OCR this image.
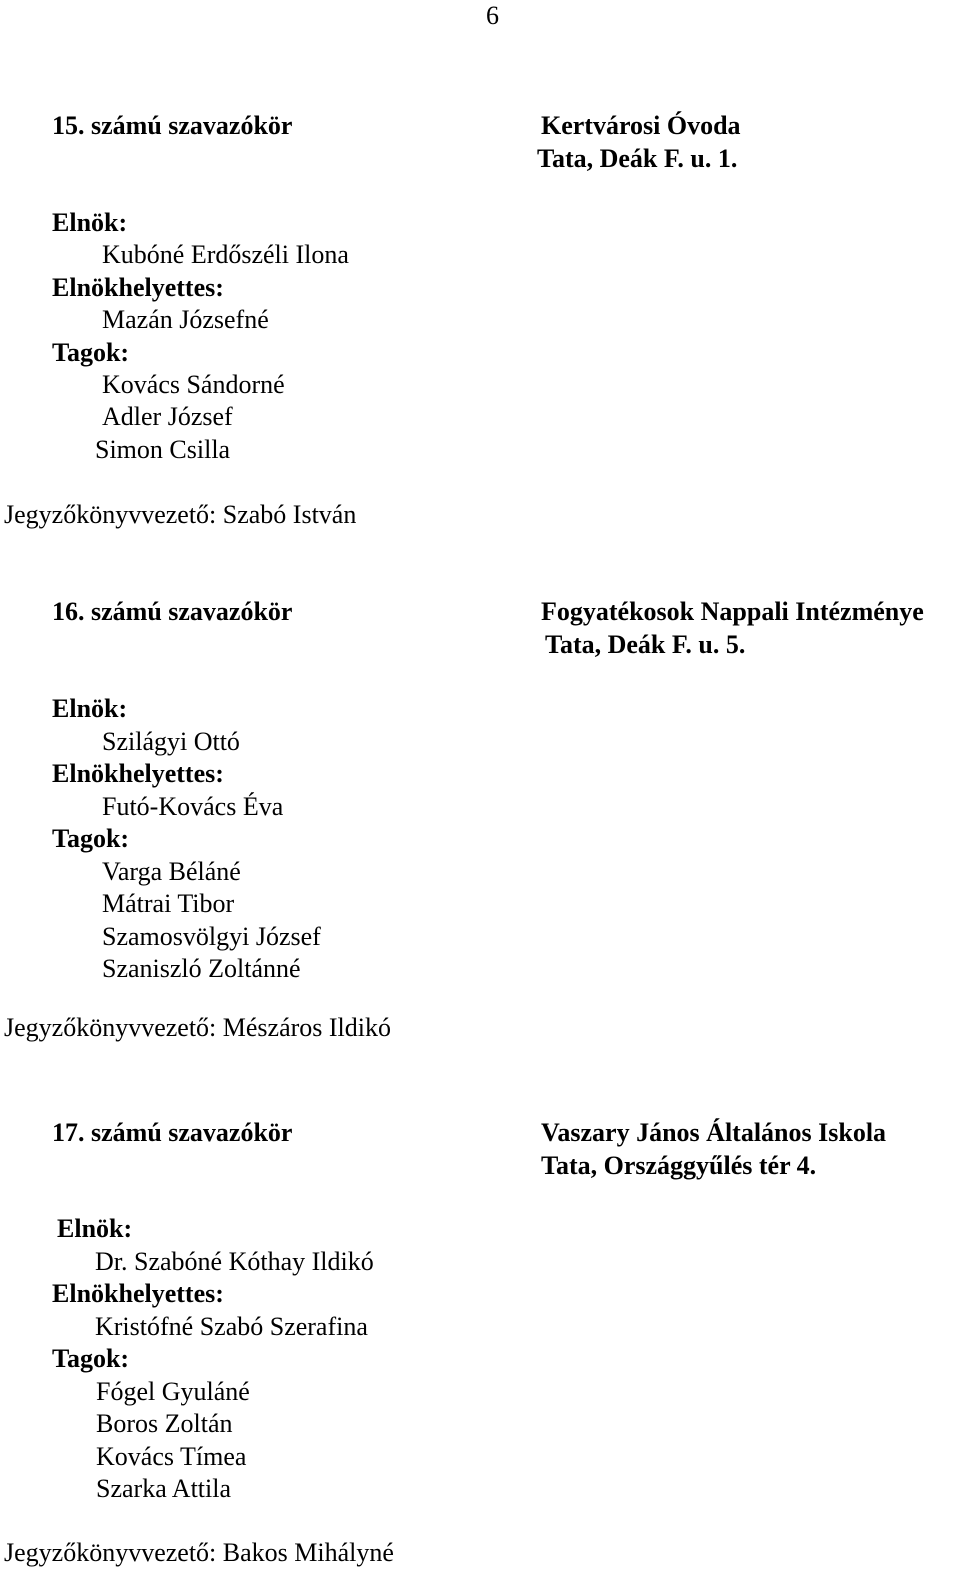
6
15. számú szavazókör	Kertvárosi Óvoda
Tata, Deák F. u. 1.
Elnök:
Kubóné Erdőszéli Ilona
Elnökhelyettes:
Mazán Józsefné
Tagok:
Kovács Sándorné
Adler József
Simon Csilla
Jegyzőkönyvvezető: Szabó István
16. számú szavazókör	Fogyatékosok Nappali Intézménye
Tata, Deák F. u. 5.
Elnök:
Szilágyi Ottó
Elnökhelyettes:
Futó-Kovács Éva
Tagok:
Varga Béláné
Mátrai Tibor
Szamosvölgyi József
Szaniszló Zoltánné
Jegyzőkönyvvezető: Mészáros Ildikó
17. számú szavazókör	Vaszary János Általános Iskola
Tata, Országgyűlés tér 4.
Elnök:
Dr. Szabóné Kóthay Ildikó
Elnökhelyettes:
Kristófné Szabó Szerafina
Tagok:
Fógel Gyuláné
Boros Zoltán
Kovács Tímea
Szarka Attila
Jegyzőkönyvvezető: Bakos Mihályné
